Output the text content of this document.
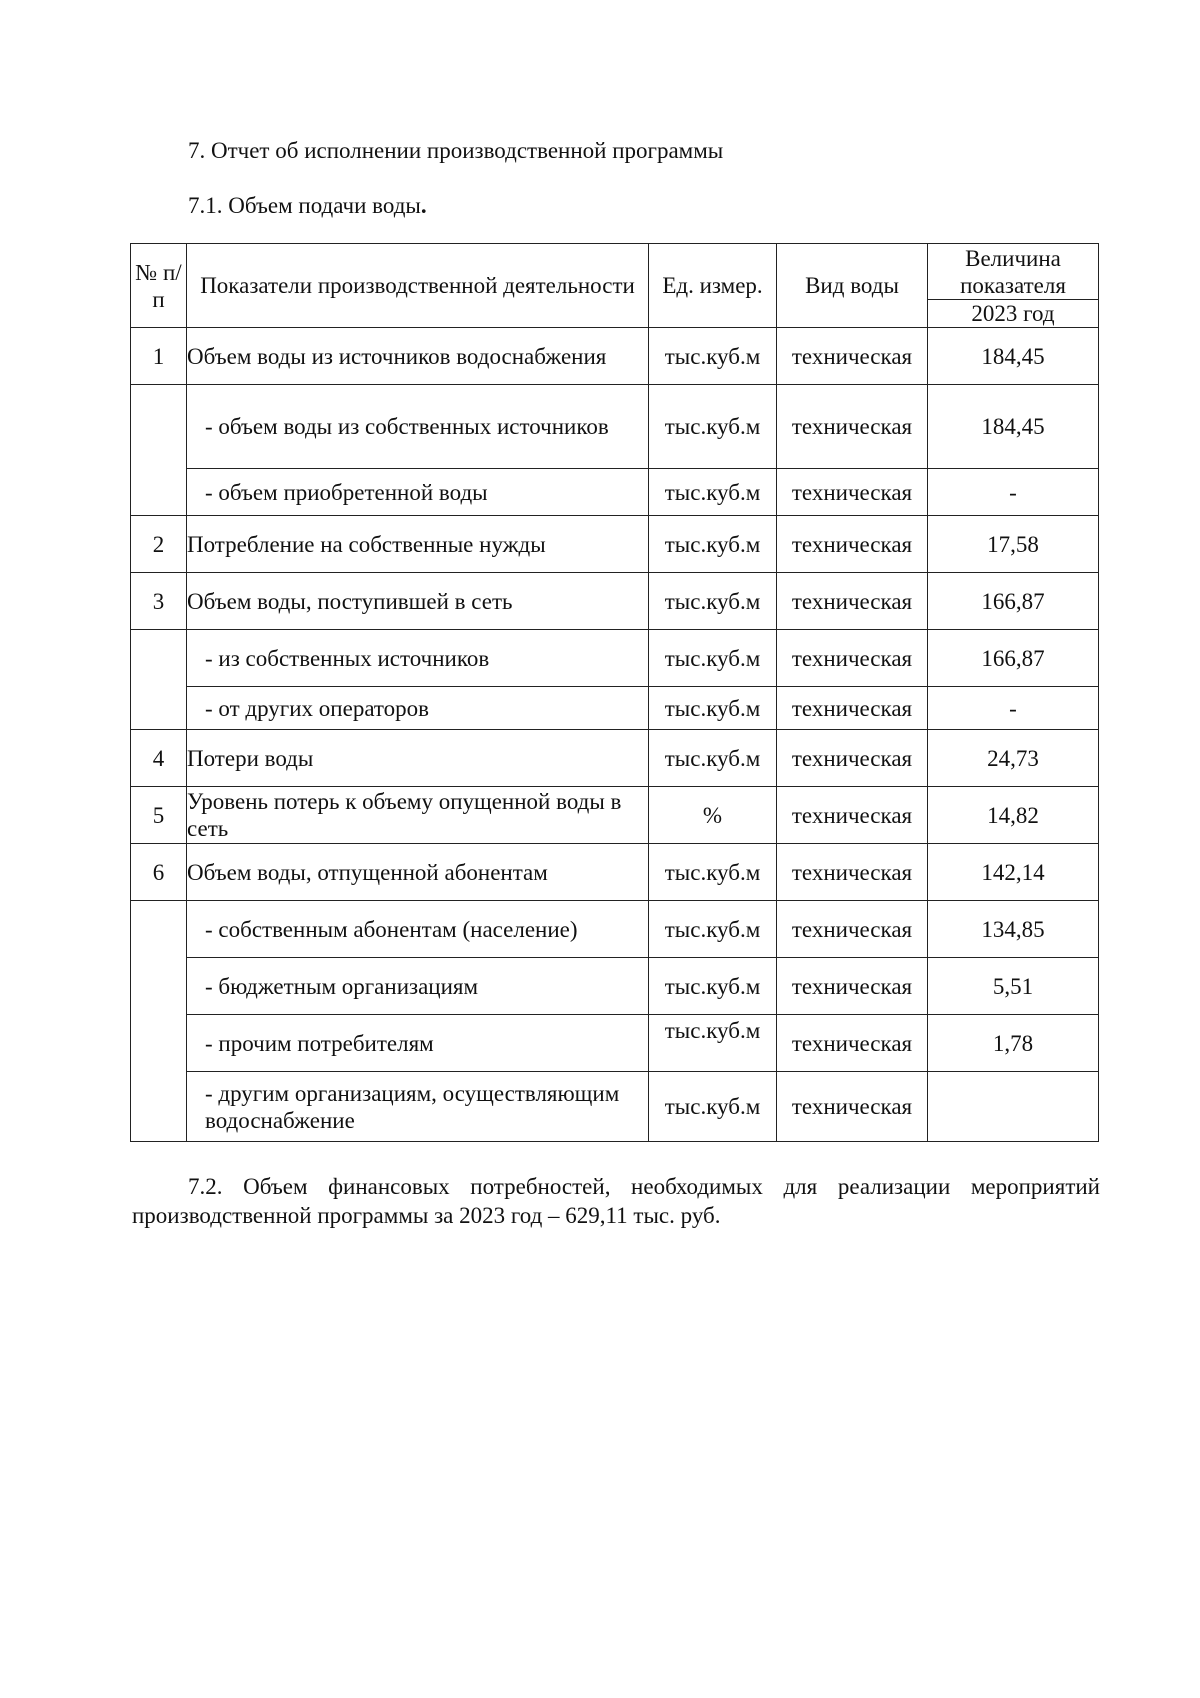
7. Отчет об исполнении производственной программы
7.1. Объем подачи воды.
№ п/п	Показатели производственной деятельности	Ед. измер.	Вид воды	Величина показателя
				2023 год
1	Объем воды из источников водоснабжения	тыс.куб.м	техническая	184,45
	- объем воды из собственных источников	тыс.куб.м	техническая	184,45
	- объем приобретенной воды	тыс.куб.м	техническая	-
2	Потребление на собственные нужды	тыс.куб.м	техническая	17,58
3	Объем воды, поступившей в сеть	тыс.куб.м	техническая	166,87
	- из собственных источников	тыс.куб.м	техническая	166,87
	- от других операторов	тыс.куб.м	техническая	-
4	Потери воды	тыс.куб.м	техническая	24,73
5	Уровень потерь к объему опущенной воды в сеть	%	техническая	14,82
6	Объем воды, отпущенной абонентам	тыс.куб.м	техническая	142,14
	- собственным абонентам (население)	тыс.куб.м	техническая	134,85
	- бюджетным организациям	тыс.куб.м	техническая	5,51
	- прочим потребителям	тыс.куб.м	техническая	1,78
	- другим организациям, осуществляющим водоснабжение	тыс.куб.м	техническая	
7.2. Объем финансовых потребностей, необходимых для реализации мероприятий производственной программы за 2023 год – 629,11 тыс. руб.
